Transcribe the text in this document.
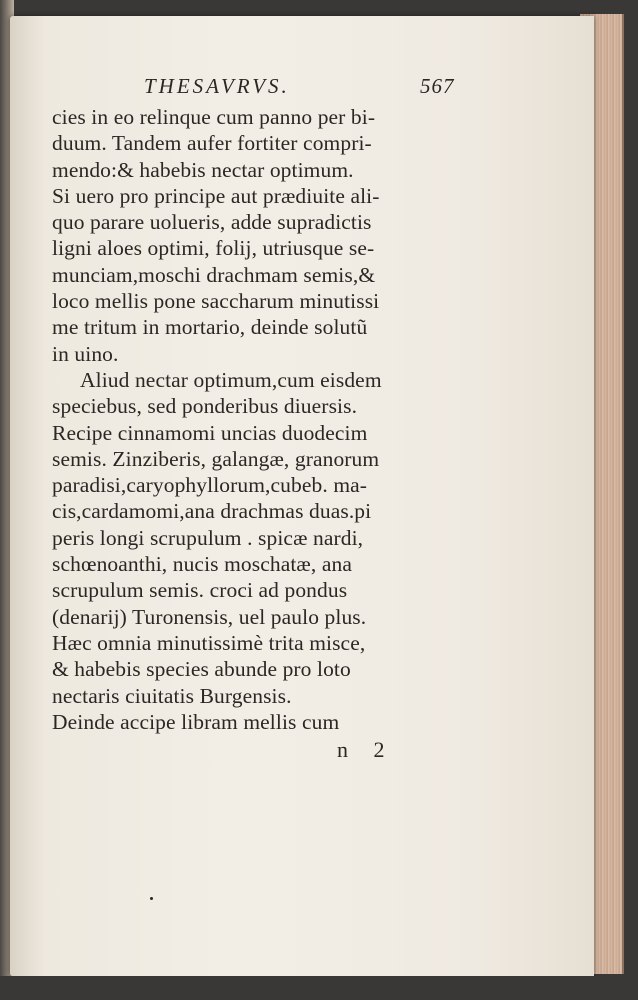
THESAVRVS.	567
cies in eo relinque cum panno per bi-
duum. Tandem aufer fortiter compri-
mendo:& habebis nectar optimum.
Si uero pro principe aut prædiuite ali-
quo parare uolueris, adde supradictis
ligni aloes optimi, folij, utriusque se-
munciam,moschi drachmam semis,&
loco mellis pone saccharum minutissi
me tritum in mortario, deinde solutũ
in uino.
Aliud nectar optimum,cum eisdem
speciebus, sed ponderibus diuersis.
Recipe cinnamomi uncias duodecim
semis. Zinziberis, galangæ, granorum
paradisi,caryophyllorum,cubeb. ma-
cis,cardamomi,ana drachmas duas.pi
peris longi scrupulum . spicæ nardi,
schœnoanthi, nucis moschatæ, ana
scrupulum semis. croci ad pondus
(denarij) Turonensis, uel paulo plus.
Hæc omnia minutissimè trita misce,
& habebis species abunde pro loto
nectaris ciuitatis Burgensis.
Deinde accipe libram mellis cum
n 2
